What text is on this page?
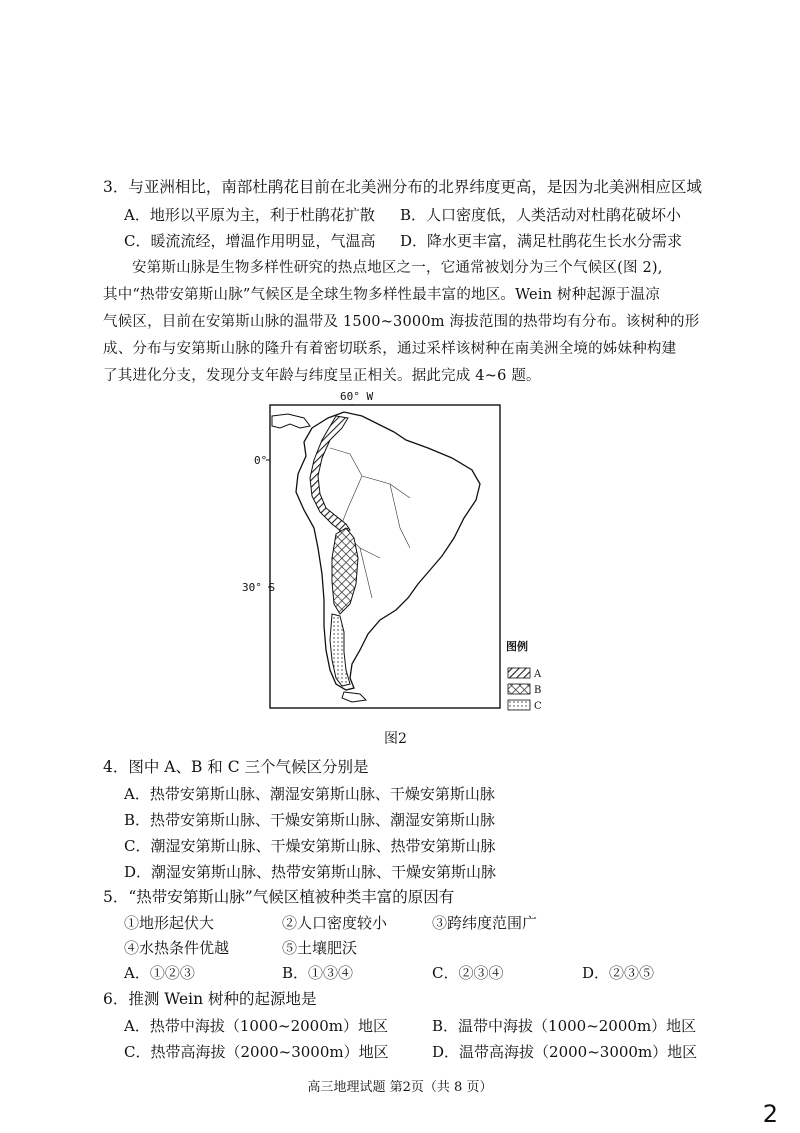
3．与亚洲相比，南部杜鹃花目前在北美洲分布的北界纬度更高，是因为北美洲相应区域
A．地形以平原为主，利于杜鹃花扩散 B．人口密度低，人类活动对杜鹃花破坏小
C．暖流流经，增温作用明显，气温高 D．降水更丰富，满足杜鹃花生长水分需求
安第斯山脉是生物多样性研究的热点地区之一，它通常被划分为三个气候区(图 2),
其中“热带安第斯山脉”气候区是全球生物多样性最丰富的地区。Wein 树种起源于温凉
气候区，目前在安第斯山脉的温带及 1500~3000m 海拔范围的热带均有分布。该树种的形
成、分布与安第斯山脉的隆升有着密切联系，通过采样该树种在南美洲全境的姊妹种构建
了其进化分支，发现分支年龄与纬度呈正相关。据此完成 4~6 题。
60° W
0°
30° S
图例
A
B
C
图2
4．图中 A、B 和 C 三个气候区分别是
A．热带安第斯山脉、潮湿安第斯山脉、干燥安第斯山脉
B．热带安第斯山脉、干燥安第斯山脉、潮湿安第斯山脉
C．潮湿安第斯山脉、干燥安第斯山脉、热带安第斯山脉
D．潮湿安第斯山脉、热带安第斯山脉、干燥安第斯山脉
5．“热带安第斯山脉”气候区植被种类丰富的原因有
①地形起伏大	②人口密度较小	③跨纬度范围广
④水热条件优越	⑤土壤肥沃
A．①②③	B．①③④	C．②③④	D．②③⑤
6．推测 Wein 树种的起源地是
A．热带中海拔（1000~2000m）地区	B．温带中海拔（1000~2000m）地区
C．热带高海拔（2000~3000m）地区	D．温带高海拔（2000~3000m）地区
高三地理试题 第2页（共 8 页）
2
